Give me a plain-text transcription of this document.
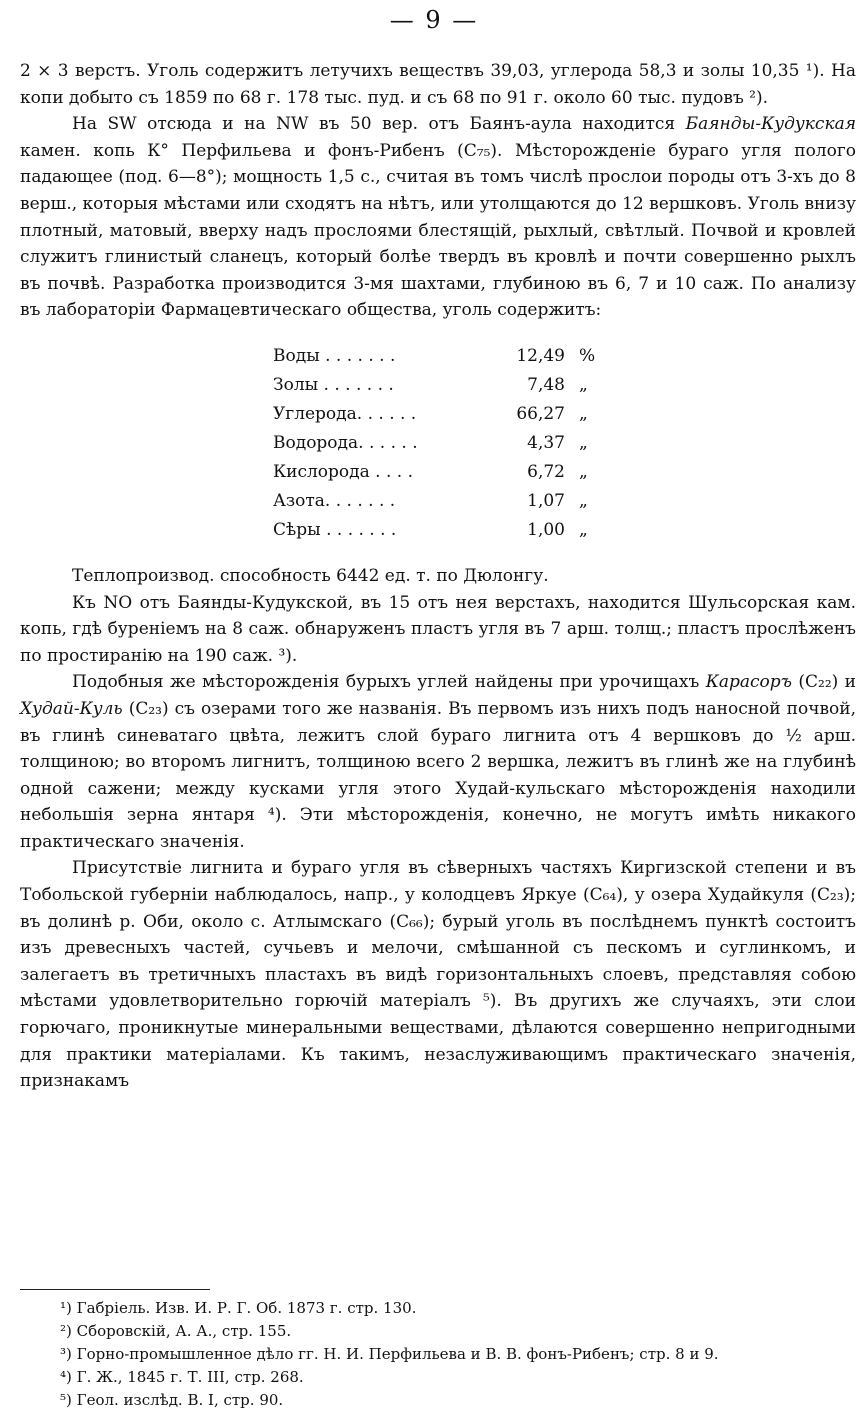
— 9 —

2 × 3 верстъ. Уголь содержитъ летучихъ веществъ 39,03, углерода 58,3 и золы 10,35 ¹). На копи добыто съ 1859 по 68 г. 178 тыс. пуд. и съ 68 по 91 г. около 60 тыс. пудовъ ²).

На SW отсюда и на NW въ 50 вер. отъ Баянъ-аула находится Баянды-Кудукская камен. копь К° Перфильева и фонъ-Рибенъ (C₇₅). Мѣсторожденіе бураго угля полого падающее (под. 6—8°); мощность 1,5 с., считая въ томъ числѣ прослои породы отъ 3-хъ до 8 верш., которыя мѣстами или сходятъ на нѣтъ, или утолщаются до 12 вершковъ. Уголь внизу плотный, матовый, вверху надъ прослоями блестящій, рыхлый, свѣтлый. Почвой и кровлей служитъ глинистый сланецъ, который болѣе твердъ въ кровлѣ и почти совершенно рыхлъ въ почвѣ. Разработка производится 3-мя шахтами, глубиною въ 6, 7 и 10 саж. По анализу въ лабораторіи Фармацевтическаго общества, уголь содержитъ:

Воды . . . . . . .	12,49	%
Золы . . . . . . .	7,48	„
Углерода. . . . . .	66,27	„
Водорода. . . . . .	4,37	„
Кислорода . . . .	6,72	„
Азота. . . . . . .	1,07	„
Сѣры . . . . . . .	1,00	„

Теплопроизвод. способность 6442 ед. т. по Дюлонгу.

Къ NO отъ Баянды-Кудукской, въ 15 отъ нея верстахъ, находится Шульсорская кам. копь, гдѣ буреніемъ на 8 саж. обнаруженъ пластъ угля въ 7 арш. толщ.; пластъ прослѣженъ по простиранію на 190 саж. ³).

Подобныя же мѣсторожденія бурыхъ углей найдены при урочищахъ Карасоръ (C₂₂) и Худай-Куль (C₂₃) съ озерами того же названія. Въ первомъ изъ нихъ подъ наносной почвой, въ глинѣ синеватаго цвѣта, лежитъ слой бураго лигнита отъ 4 вершковъ до ½ арш. толщиною; во второмъ лигнитъ, толщиною всего 2 вершка, лежитъ въ глинѣ же на глубинѣ одной сажени; между кусками угля этого Худай-кульскаго мѣсторожденія находили небольшія зерна янтаря ⁴). Эти мѣсторожденія, конечно, не могутъ имѣть никакого практическаго значенія.

Присутствіе лигнита и бураго угля въ сѣверныхъ частяхъ Киргизской степени и въ Тобольской губерніи наблюдалось, напр., у колодцевъ Яркуе (C₆₄), у озера Худайкуля (C₂₃); въ долинѣ р. Оби, около с. Атлымскаго (C₆₆); бурый уголь въ послѣднемъ пунктѣ состоитъ изъ древесныхъ частей, сучьевъ и мелочи, смѣшанной съ пескомъ и суглинкомъ, и залегаетъ въ третичныхъ пластахъ въ видѣ горизонтальныхъ слоевъ, представляя собою мѣстами удовлетворительно горючій матеріалъ ⁵). Въ другихъ же случаяхъ, эти слои горючаго, проникнутые минеральными веществами, дѣлаются совершенно непригодными для практики матеріалами. Къ такимъ, незаслуживающимъ практическаго значенія, признакамъ

¹) Габріель. Изв. И. Р. Г. Об. 1873 г. стр. 130.

²) Сборовскій, А. А., стр. 155.

³) Горно-промышленное дѣло гг. Н. И. Перфильева и В. В. фонъ-Рибенъ; стр. 8 и 9.

⁴) Г. Ж., 1845 г. Т. III, стр. 268.

⁵) Геол. изслѣд. В. I, стр. 90.
